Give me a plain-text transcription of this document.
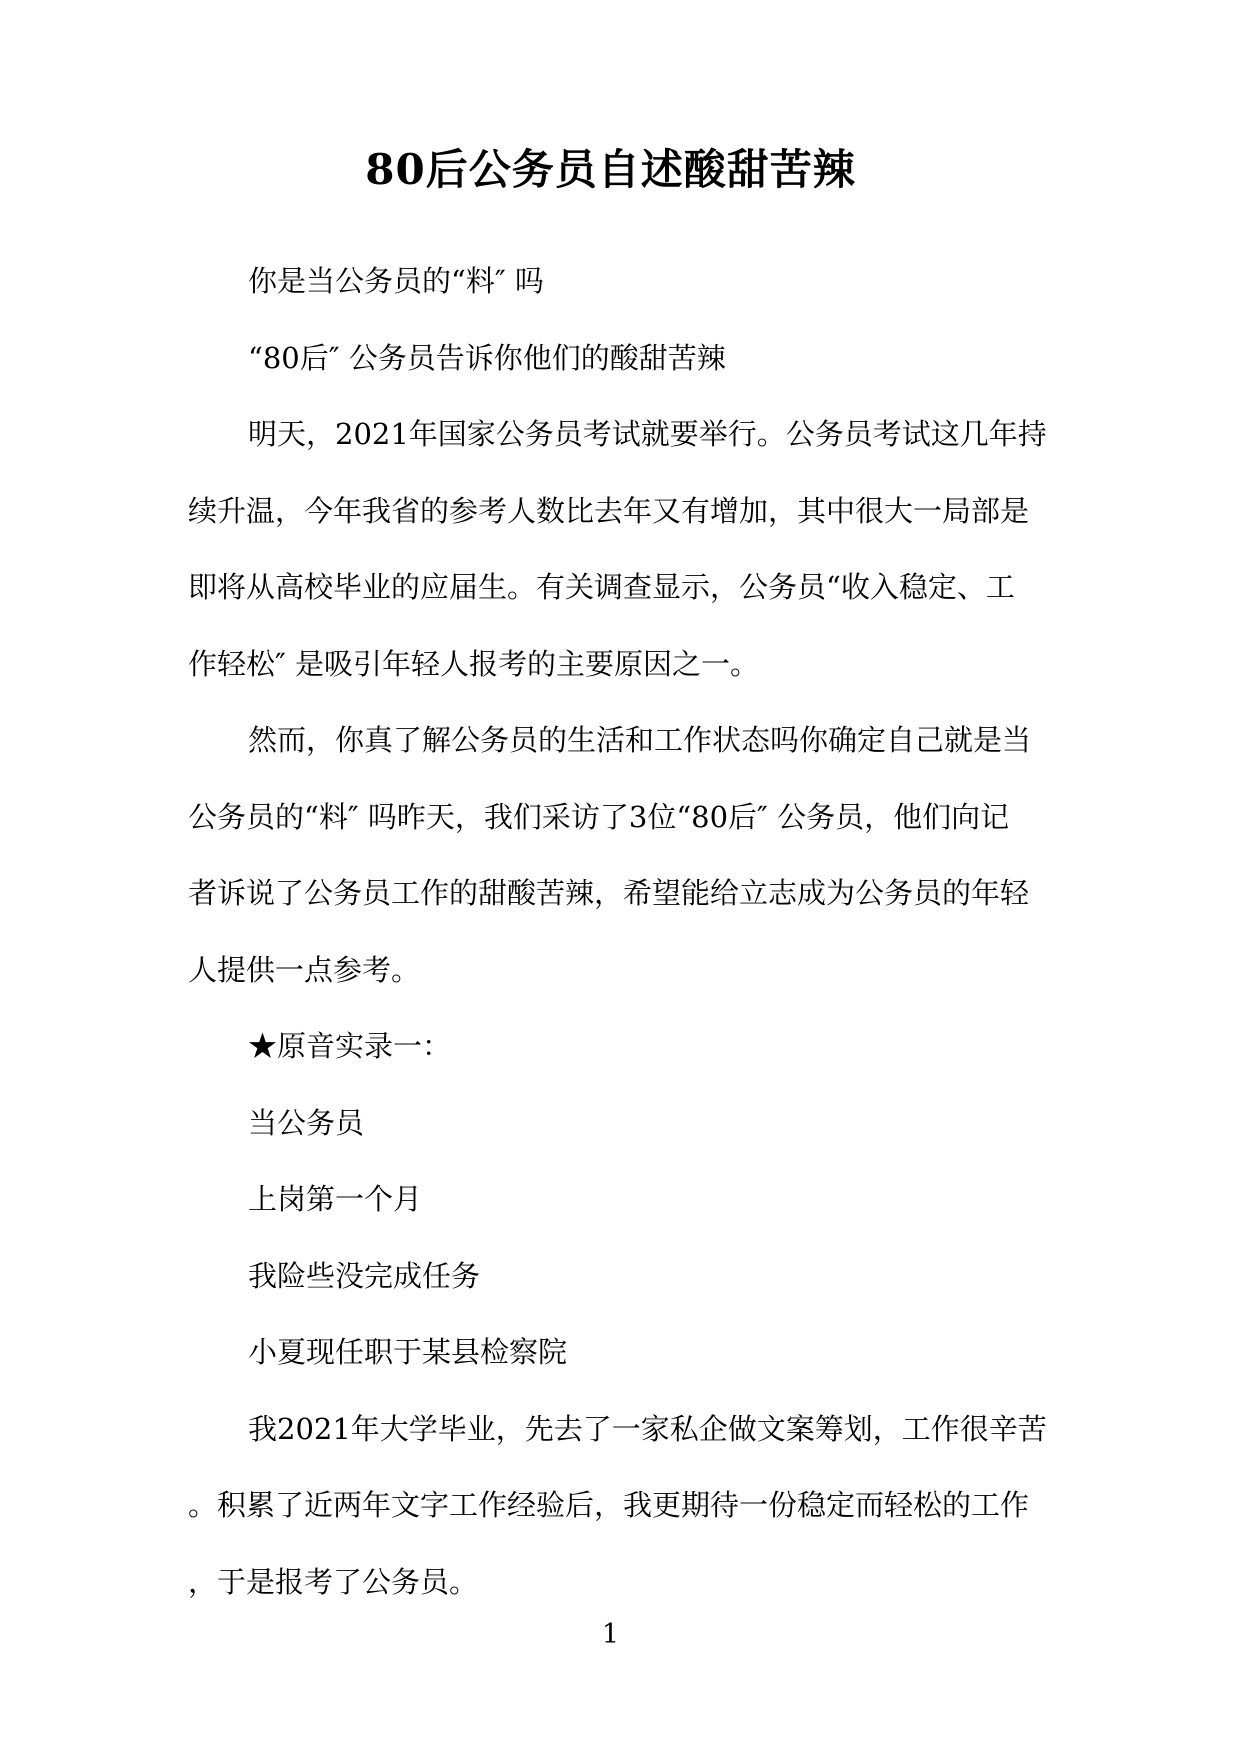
80后公务员自述酸甜苦辣

你是当公务员的“料″ 吗

“80后″ 公务员告诉你他们的酸甜苦辣

明天，2021年国家公务员考试就要举行。公务员考试这几年持

续升温，今年我省的参考人数比去年又有增加，其中很大一局部是

即将从高校毕业的应届生。有关调查显示，公务员“收入稳定、工

作轻松″ 是吸引年轻人报考的主要原因之一。

然而，你真了解公务员的生活和工作状态吗你确定自己就是当

公务员的“料″ 吗昨天，我们采访了3位“80后″ 公务员，他们向记

者诉说了公务员工作的甜酸苦辣，希望能给立志成为公务员的年轻

人提供一点参考。

★原音实录一：

当公务员

上岗第一个月

我险些没完成任务

小夏现任职于某县检察院

我2021年大学毕业，先去了一家私企做文案筹划，工作很辛苦

。积累了近两年文字工作经验后，我更期待一份稳定而轻松的工作

，于是报考了公务员。

1
